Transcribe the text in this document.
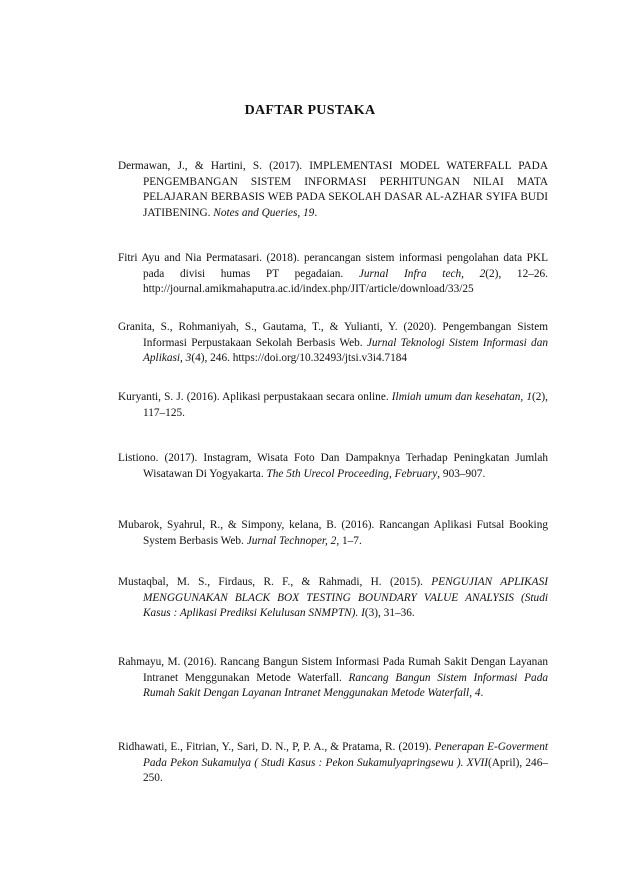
DAFTAR PUSTAKA
Dermawan, J., & Hartini, S. (2017). IMPLEMENTASI MODEL WATERFALL PADA PENGEMBANGAN SISTEM INFORMASI PERHITUNGAN NILAI MATA PELAJARAN BERBASIS WEB PADA SEKOLAH DASAR AL-AZHAR SYIFA BUDI JATIBENING. Notes and Queries, 19.
Fitri Ayu and Nia Permatasari. (2018). perancangan sistem informasi pengolahan data PKL pada divisi humas PT pegadaian. Jurnal Infra tech, 2(2), 12–26. http://journal.amikmahaputra.ac.id/index.php/JIT/article/download/33/25
Granita, S., Rohmaniyah, S., Gautama, T., & Yulianti, Y. (2020). Pengembangan Sistem Informasi Perpustakaan Sekolah Berbasis Web. Jurnal Teknologi Sistem Informasi dan Aplikasi, 3(4), 246. https://doi.org/10.32493/jtsi.v3i4.7184
Kuryanti, S. J. (2016). Aplikasi perpustakaan secara online. Ilmiah umum dan kesehatan, 1(2), 117–125.
Listiono. (2017). Instagram, Wisata Foto Dan Dampaknya Terhadap Peningkatan Jumlah Wisatawan Di Yogyakarta. The 5th Urecol Proceeding, February, 903–907.
Mubarok, Syahrul, R., & Simpony, kelana, B. (2016). Rancangan Aplikasi Futsal Booking System Berbasis Web. Jurnal Technoper, 2, 1–7.
Mustaqbal, M. S., Firdaus, R. F., & Rahmadi, H. (2015). PENGUJIAN APLIKASI MENGGUNAKAN BLACK BOX TESTING BOUNDARY VALUE ANALYSIS (Studi Kasus : Aplikasi Prediksi Kelulusan SNMPTN). I(3), 31–36.
Rahmayu, M. (2016). Rancang Bangun Sistem Informasi Pada Rumah Sakit Dengan Layanan Intranet Menggunakan Metode Waterfall. Rancang Bangun Sistem Informasi Pada Rumah Sakit Dengan Layanan Intranet Menggunakan Metode Waterfall, 4.
Ridhawati, E., Fitrian, Y., Sari, D. N., P, P. A., & Pratama, R. (2019). Penerapan E-Goverment Pada Pekon Sukamulya ( Studi Kasus : Pekon Sukamulyapringsewu ). XVII(April), 246–250.
